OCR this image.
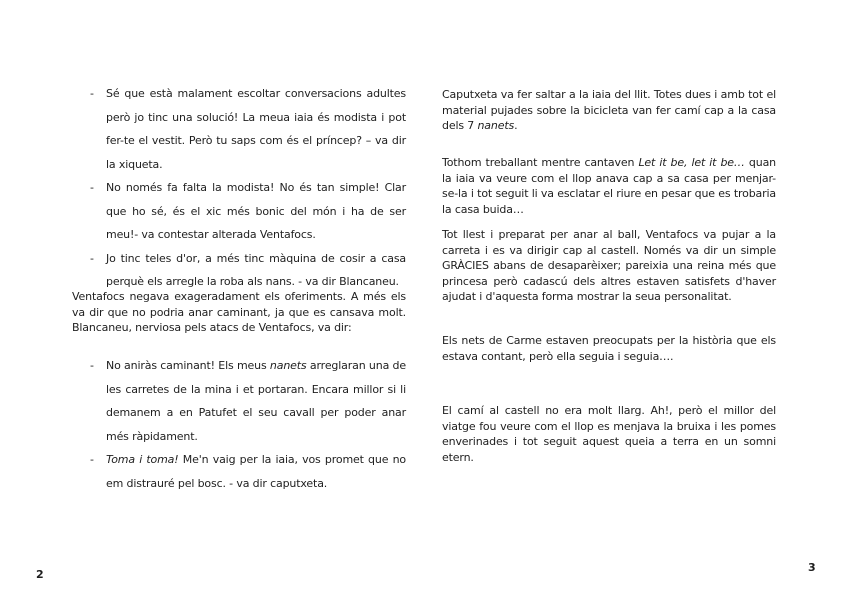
- Sé que està malament escoltar conversacions adultes però jo tinc una solució! La meua iaia és modista i pot fer-te el vestit. Però tu saps com és el príncep? – va dir la xiqueta.
- No només fa falta la modista! No és tan simple! Clar que ho sé, és el xic més bonic del món i ha de ser meu!- va contestar alterada Ventafocs.
- Jo tinc teles d'or, a més tinc màquina de cosir a casa perquè els arregle la roba als nans. - va dir Blancaneu.

Ventafocs negava exageradament els oferiments. A més els va dir que no podria anar caminant, ja que es cansava molt. Blancaneu, nerviosa pels atacs de Ventafocs, va dir:

- No aniràs caminant! Els meus nanets arreglaran una de les carretes de la mina i et portaran. Encara millor si li demanem a en Patufet el seu cavall per poder anar més ràpidament.
- Toma i toma! Me'n vaig per la iaia, vos promet que no em distrauré pel bosc. - va dir caputxeta.
2

Caputxeta va fer saltar a la iaia del llit. Totes dues i amb tot el material pujades sobre la bicicleta van fer camí cap a la casa dels 7 nanets.

Tothom treballant mentre cantaven Let it be, let it be… quan la iaia va veure com el llop anava cap a sa casa per menjar-se-la i tot seguit li va esclatar el riure en pesar que es trobaria la casa buida…

Tot llest i preparat per anar al ball, Ventafocs va pujar a la carreta i es va dirigir cap al castell. Només va dir un simple GRÀCIES abans de desaparèixer; pareixia una reina més que princesa però cadascú dels altres estaven satisfets d'haver ajudat i d'aquesta forma mostrar la seua personalitat.

Els nets de Carme estaven preocupats per la història que els estava contant, però ella seguia i seguia….

El camí al castell no era molt llarg. Ah!, però el millor del viatge fou veure com el llop es menjava la bruixa i les pomes enverinades i tot seguit aquest queia a terra en un somni etern.

3
